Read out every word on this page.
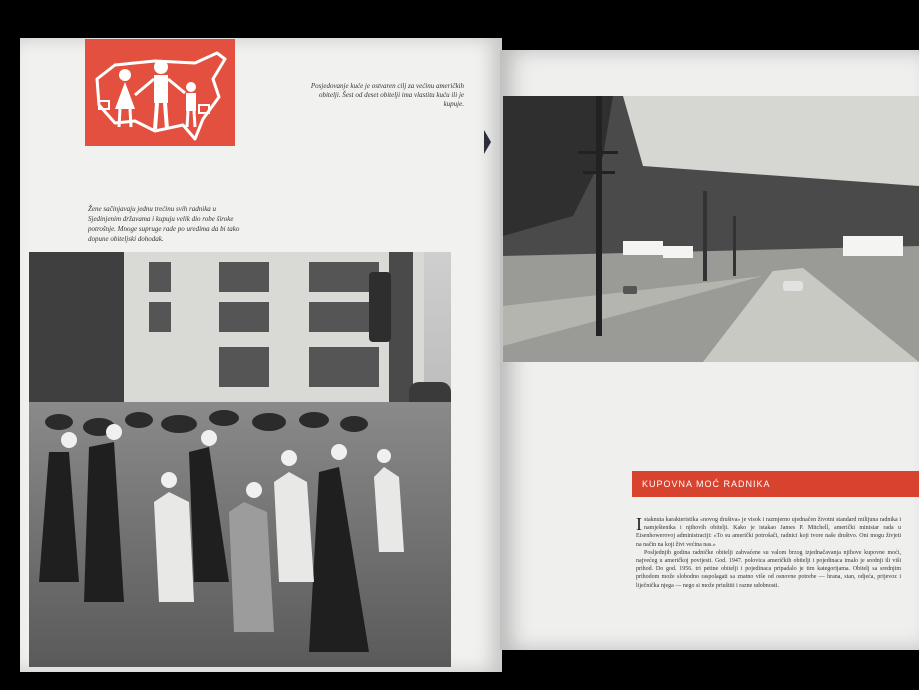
Posjedovanje kuće je ostvaren cilj za većinu američkih obitelji. Šest od deset obitelji ima vlastitu kuću ili je kupuje.
Žene sačinjavaju jednu trećinu svih radnika u Sjedinjenim državama i kupuju velik dio robe široke potrošnje. Mnoge supruge rade po uredima da bi tako dopune obiteljski dohodak.
KUPOVNA MOĆ RADNIKA

Istaknuta karakteristika «novog društva» je visok i razmjerno ujednačen životni standard milijuna radnika i namještenika i njihovih obitelji. Kako je istakao James P. Mitchell, američki ministar rada u Eisenhowerovoj administraciji: «To su američki potrošači, radnici koji tvore naše društvo. Oni mogu živjeti na način na koji živi većina nas.»

Posljednjih godina radničke obitelji zahvaćene su valom brzog izjednačavanja njihove kupovne moći, najvećeg u američkoj povijesti. God. 1947. polovica američkih obitelji i pojedinaca imalo je srednji ili viši prihod. Do god. 1956. tri petine obitelji i pojedinaca pripadalo je tim kategorijama. Obitelj sa srednjim prihodom može slobodno raspolagati sa znatno više od osnovne potrebe — hrana, stan, odjeća, prijevoz i liječnička njega — nego si može priuštiti i razne udobnosti.
